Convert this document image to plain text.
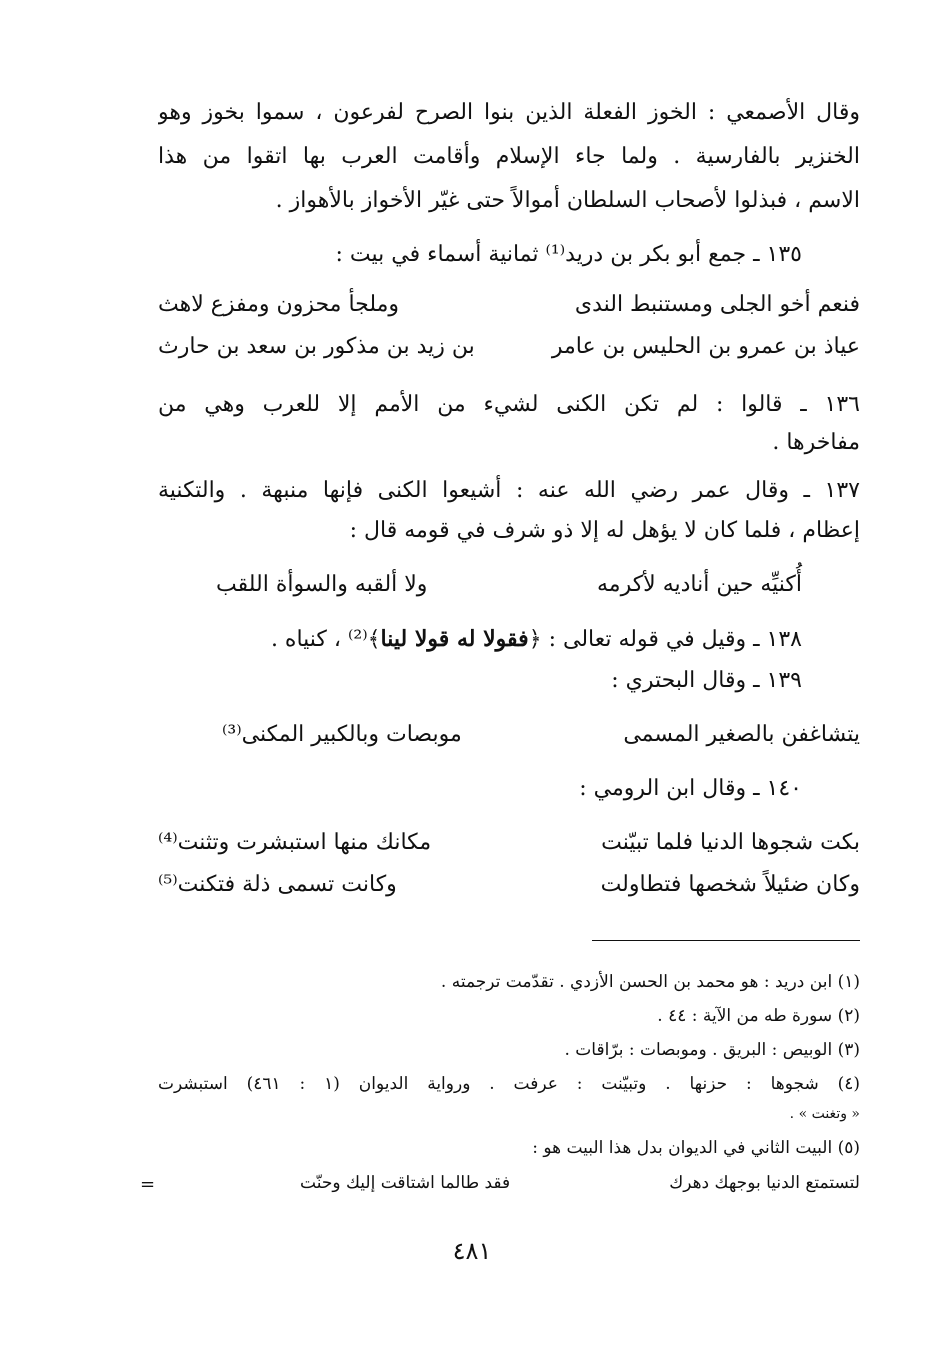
وقال الأصمعي : الخوز الفعلة الذين بنوا الصرح لفرعون ، سموا بخوز وهو
الخنزير بالفارسية . ولما جاء الإسلام وأقامت العرب بها اتقوا من هذا
الاسم ، فبذلوا لأصحاب السلطان أموالاً حتى غيّر الأخواز بالأهواز .
١٣٥ ـ جمع أبو بكر بن دريد⁽¹⁾ ثمانية أسماء في بيت :
فنعم أخو الجلى ومستنبط الندى
وملجأ محزون ومفزع لاهث
عياذ بن عمرو بن الحليس بن عامر
بن زيد بن مذكور بن سعد بن حارث
١٣٦ ـ قالوا : لم تكن الكنى لشيء من الأمم إلا للعرب وهي من
مفاخرها .
١٣٧ ـ وقال عمر رضي الله عنه : أشيعوا الكنى فإنها منبهة . والتكنية
إعظام ، فلما كان لا يؤهل له إلا ذو شرف في قومه قال :
أُكنيِّه حين أناديه لأكرمه
ولا ألقبه والسوأة اللقب
١٣٨ ـ وقيل في قوله تعالى : ﴿فقولا له قولا لينا﴾⁽²⁾ ، كنياه .
١٣٩ ـ وقال البحتري :
يتشاغفن بالصغير المسمى
موبصات وبالكبير المكنى⁽³⁾
١٤٠ ـ وقال ابن الرومي :
بكت شجوها الدنيا فلما تبيّنت
مكانك منها استبشرت وتثنت⁽⁴⁾
وكان ضئيلاً شخصها فتطاولت
وكانت تسمى ذلة فتكنت⁽⁵⁾
(١) ابن دريد : هو محمد بن الحسن الأزدي . تقدّمت ترجمته .
(٢) سورة طه من الآية : ٤٤ .
(٣) الوبيص : البريق . وموبصات : برّاقات .
(٤) شجوها : حزنها . وتبيّنت : عرفت . ورواية الديوان (١ : ٤٦١) استبشرت
« وتغنت » .
(٥) البيت الثاني في الديوان بدل هذا البيت هو :
لتستمتع الدنيا بوجهك دهرك
فقد طالما اشتاقت إليك وحنّت
=
٤٨١
